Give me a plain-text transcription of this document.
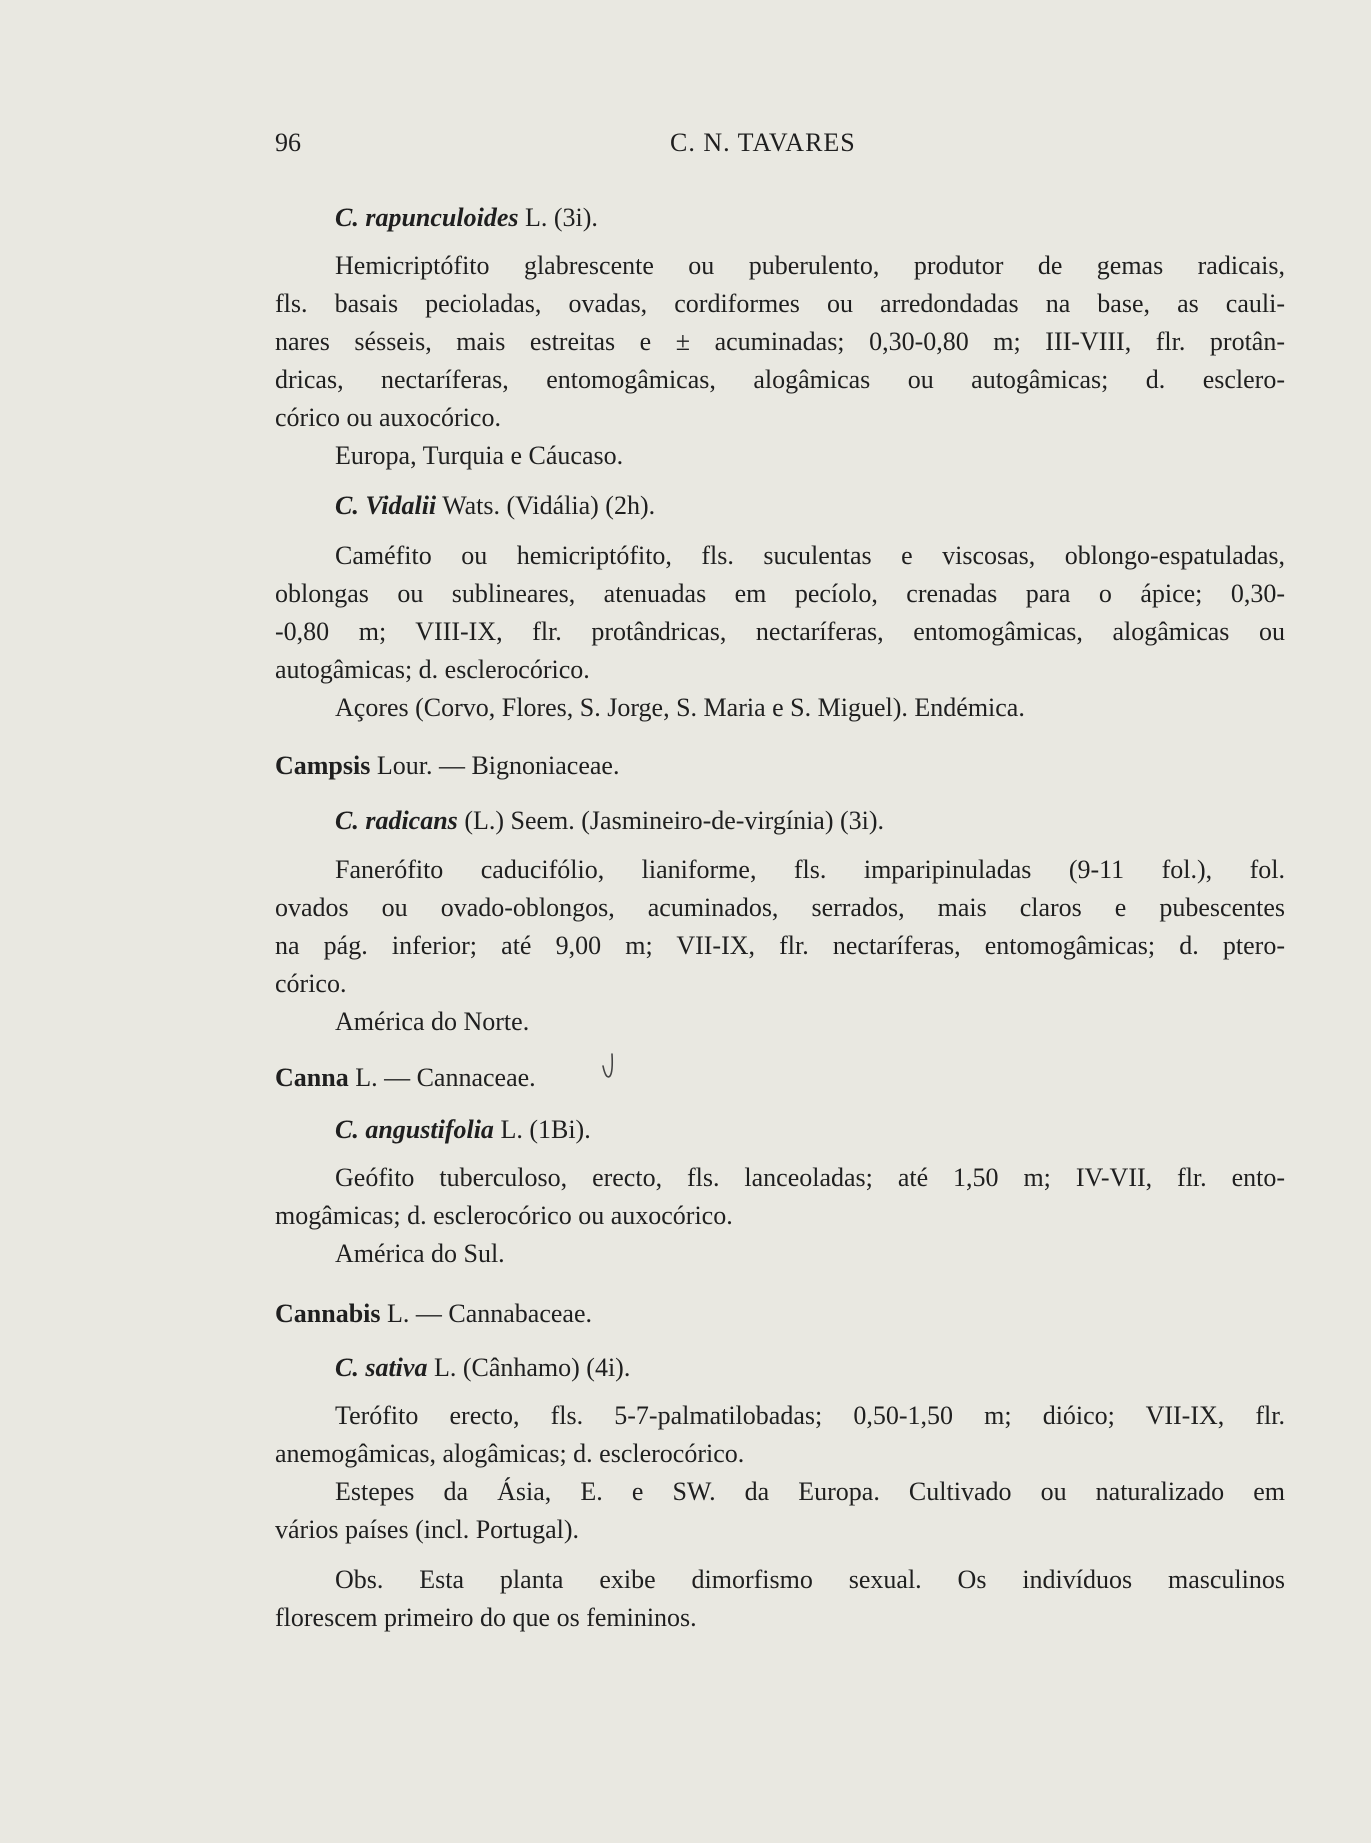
96	C. N. TAVARES
C. rapunculoides L. (3i).
Hemicriptófito glabrescente ou puberulento, produtor de gemas radicais,
fls. basais pecioladas, ovadas, cordiformes ou arredondadas na base, as cauli-
nares sésseis, mais estreitas e ± acuminadas; 0,30-0,80 m; III-VIII, flr. protân-
dricas, nectaríferas, entomogâmicas, alogâmicas ou autogâmicas; d. esclero-
córico ou auxocórico.
Europa, Turquia e Cáucaso.
C. Vidalii Wats. (Vidália) (2h).
Caméfito ou hemicriptófito, fls. suculentas e viscosas, oblongo-espatuladas,
oblongas ou sublineares, atenuadas em pecíolo, crenadas para o ápice; 0,30-
-0,80 m; VIII-IX, flr. protândricas, nectaríferas, entomogâmicas, alogâmicas ou
autogâmicas; d. esclerocórico.
Açores (Corvo, Flores, S. Jorge, S. Maria e S. Miguel). Endémica.
Campsis Lour. — Bignoniaceae.
C. radicans (L.) Seem. (Jasmineiro-de-virgínia) (3i).
Fanerófito caducifólio, lianiforme, fls. imparipinuladas (9-11 fol.), fol.
ovados ou ovado-oblongos, acuminados, serrados, mais claros e pubescentes
na pág. inferior; até 9,00 m; VII-IX, flr. nectaríferas, entomogâmicas; d. ptero-
córico.
América do Norte.
Canna L. — Cannaceae.
C. angustifolia L. (1Bi).
Geófito tuberculoso, erecto, fls. lanceoladas; até 1,50 m; IV-VII, flr. ento-
mogâmicas; d. esclerocórico ou auxocórico.
América do Sul.
Cannabis L. — Cannabaceae.
C. sativa L. (Cânhamo) (4i).
Terófito erecto, fls. 5-7-palmatilobadas; 0,50-1,50 m; dióico; VII-IX, flr.
anemogâmicas, alogâmicas; d. esclerocórico.
Estepes da Ásia, E. e SW. da Europa. Cultivado ou naturalizado em
vários países (incl. Portugal).
Obs. Esta planta exibe dimorfismo sexual. Os indivíduos masculinos
florescem primeiro do que os femininos.
